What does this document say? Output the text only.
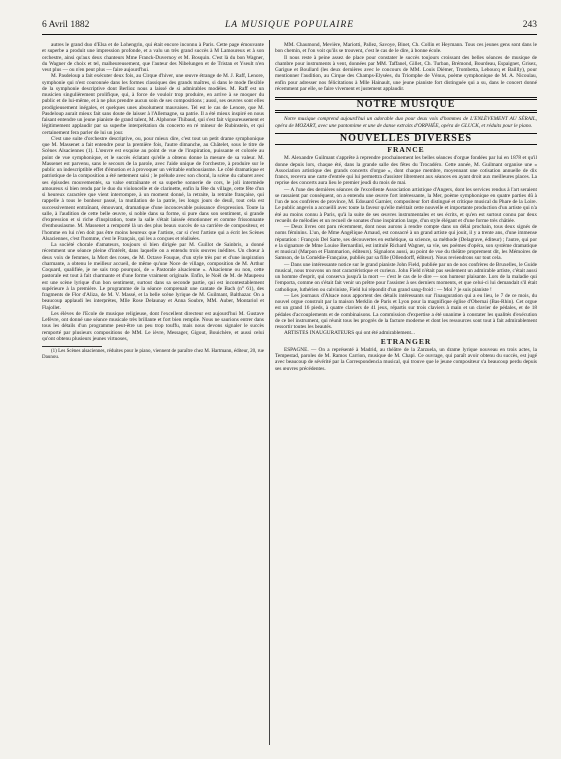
6 Avril 1882	LA MUSIQUE POPULAIRE	243

autres le grand duo d'Elsa et de Lohengrin, qui était encore inconnu à Paris. Cette page émouvante et superbe a produit une impression profonde, et a valu un très grand succès à M Lamoureux et à son orchestre, ainsi qu'aux deux chanteurs Mme Franck-Duvernoy et M. Bosquin. C'est là du bon Wagner, du Wagner de choix et tel, malheureusement, que l'auteur des Nibelungen et de Tristan et Yseult n'en veut plus — ou n'en peut plus — faire aujourd'hui.

M. Pasdeloup a fait exécuter deux fois, au Cirque d'hiver, une œuvre étrange de M. J. Raff, Lenore, symphonie qui n'est couronnée dans les formes classiques des grands maîtres, si dans le mode flexible de la symphonie descriptive dont Berlioz nous a laissé de si admirables modèles. M. Raff est un musicien singulièrement prolifique, qui, à force de vouloir trop produire, en arrive à se moquer du public et de lui-même, et à ne plus prendre aucun soin de ses compositions ; aussi, ses œuvres sont elles prodigieusement inégales, et quelques unes absolument mauvaises. Tel est le cas de Lenore, que M. Pasdeloup aurait mieux fait sans doute de laisser à l'Allemagne, sa patrie. Il a été mieux inspiré en nous faisant entendre un jeune pianiste de grand talent, M. Alphonse Thibaud, qui s'est fait vigoureusement et légitimement applaudir par sa superbe interprétation du concerto en ré mineur de Rubinstein, et qui certainement fera parler de lui un jour.

C'est une suite d'orchestre descriptive, ou, pour mieux dire, c'est tout un petit drame symphonique que M. Massenet a fait entendre pour la première fois, l'autre dimanche, au Châtelet, sous le titre de Scènes Alsaciennes (1). L'œuvre est exquise au point de vue de l'inspiration, puissante et colorée au point de vue symphonique, et le succès éclatant qu'elle a obtenu donne la mesure de sa valeur. M. Massenet est parvenu, sans le secours de la parole, avec l'aide unique de l'orchestre, à produire sur le public un indescriptible effet d'émotion et à provoquer un véritable enthousiasme. Le côté dramatique et patriotique de la composition a été nettement saisi ; le prélude avec son choral, la scène du cabaret avec ses épisodes mouvementés, sa valse entraînante et sa superbe sonnerie de cors, le joli intermède amoureux si bien rendu par le duo du violoncelle et de clarinette, enfin la fête du village, cette fête d'un si heureux caractère que vient interrompre, à un moment donné, la retraite, la retraite française, qui rappelle à tous le bonheur passé, la mutilation de la patrie, les longs jours de deuil, tout cela est successivement entraînant, émouvant, dramatique d'une inconcevable puissance d'expression. Toute la salle, à l'audition de cette belle œuvre, si noble dans sa forme, si pure dans son sentiment, si grande d'expression et si riche d'inspiration, toute la salle s'était laissée émotionner et comme frissonnante d'enthousiasme. M. Massenet a remporté là un des plus beaux succès de sa carrière de compositeur, et l'homme en lui n'en doit pas être moins heureux que l'artiste, car si c'est l'artiste qui a écrit les Scènes Alsaciennes, c'est l'homme, c'est le Français, qui les a conçues et réalisées.

La société chorale d'amateurs, toujours si bien dirigée par M. Guillot de Sainbris, a donné récemment une séance pleine d'intérêt, dans laquelle on a entendu trois œuvres inédites. Un chœur à deux voix de femmes, la Mort des roses, de M. Octave Fouque, d'un style très pur et d'une inspiration charmante, a obtenu le meilleur accueil, de même qu'une Noce de village, composition de M. Arthur Coquard, qualifiée, je ne sais trop pourquoi, de « Pastorale alsacienne ». Alsacienne ou non, cette pastorale est tout à fait charmante et d'une forme vraiment originale. Enfin, le Noël de M. de Maupeou est une scène lyrique d'un bon sentiment, surtout dans sa seconde partie, qui est incontestablement supérieure à la première. Le programme de la séance comprenait une cantate de Bach (n° 61), des fragments de Flor d'Aliza, de M. V. Massé, et la belle scène lyrique de M. Guilmant, Balthazar. On a beaucoup applaudi les interprètes, Mlle Rose Delaunay et Anna Soubre, MM. Auber, Montariol et Flajollet.

Les élèves de l'Ecole de musique religieuse, dont l'excellent directeur est aujourd'hui M. Gustave Lefèvre, ont donné une séance musicale très brillante et fort bien remplie. Nous ne saurions entrer dans tous les détails d'un programme peut-être un peu trop touffu, mais nous devons signaler le succès remporté par plusieurs compositions de MM. Le ièvre, Messager, Gigout, Bouichère, et aussi celui qu'ont obtenu plusieurs jeunes virtuoses,

(1) Les Scènes alsaciennes, réduites pour le piano, viennent de paraître chez M. Hartmann, éditeur, 20, rue Daunou.

MM. Chaumond, Mevière, Mariotti, Pallez, Savoye, Binet, Ch. Collin et Heymann. Tous ces jeunes gens sont dans le bon chemin, et l'on voit qu'ils se trouvent, c'est le cas de le dire, à bonne école.

Il nous reste à peine assez de place pour constater le succès toujours croissant des belles séances de musique de chambre pour instruments à vent, données par MM. Taffanel, Gillet, Ch. Turban, Brémond, Bourdeau, Espaignet, Grisez, Garigue et Boullard (les deux dernières avec le concours de MM. Louis Diémer, Trombetta, Leboucq et Baillly), pour mentionner l'audition, au Cirque des Champs-Elysées, du Triomphe de Vénus, poème symphonique de M. A. Nicoulau, enfin pour adresser nos félicitations à Mlle Hainault, une jeune pianiste fort distinguée qui a su, dans le concert donné récemment par elle, se faire vivement et justement applaudir.

NOTRE MUSIQUE

Notre musique comprend aujourd'hui un adorable duo pour deux voix d'hommes de L'ENLÈVEMENT AU SÉRAIL, opéra de MOZART, avec une pantomime et une de danse extraits d'ORPHÉE, opéra de GLUCK, et réduits pour le piano.

NOUVELLES DIVERSES
FRANCE

M. Alexandre Guilmant s'apprête à reprendre prochainement les belles séances d'orgue fondées par lui en 1878 et qu'il donne depuis lors, chaque été, dans la grande salle des fêtes du Trocadéro. Cette année, M. Guilmant organise une « Association artistique des grands concerts d'orgue », dont chaque membre, moyennant une cotisation annuelle de dix francs, recevra une carte d'entrée qui lui permettra d'assister librement aux séances en ayant droit aux meilleures places. La reprise des concerts aura lieu le premier jeudi du mois de mai.

— A l'une des dernières séances de l'excellente Association artistique d'Angers, dont les services rendus à l'art seraient se rassaient par conséquent, on a entendu une œuvre fort intéressante, la Mer, poème symphonique en quatre parties dû à l'un de nos confrères de province, M. Edouard Garnier, compositeur fort distingué et critique musical du Phare de la Loire. Le public angevin a accueilli avec toute la faveur qu'elle méritait cette nouvelle et importante production d'un artiste qui n'a été au moins connu à Paris, qu'à la suite de ses œuvres instrumentales et ses écrits, et qu'en est surtout connu par deux recueils de mélodies et un recueil de sonates d'une inspiration large, d'un style élégant et d'une forme très châtiée.

— Deux livres ont paru récemment, dont nous aurons à rendre compte dans un délai prochain, tous deux signés de noms féminins. L'un, de Mme Angélique Arnaud, est consacré à un grand artiste qui jouit, il y a trente ans, d'une immense réputation : François Del Sarte, ses découvertes en esthétique, sa science, sa méthode (Delagrave, éditeur) ; l'autre, qui por e la signature de Mme Louise Bernardini, est intitulé Richard Wagner, sa vie, ses poèmes d'opéra, son système dramatique et musical (Marpon et Flammarion, éditeurs). Signalons aussi, au point de vue du théâtre proprement dit, les Mémoires de Samson, de la Comédie-Française, publiés par sa fille (Ollendorff, éditeur). Nous reviendrons sur tout cela.

— Dans une intéressante notice sur le grand pianiste John Field, publiée par un de nos confrères de Bruxelles, le Guide musical, nous trouvons un mot caractéristique et curieux. John Field n'était pas seulement un admirable artiste, c'était aussi un homme d'esprit, qui conserva jusqu'à la mort — c'est le cas de le dire — son humeur plaisante. Lors de la maladie qui l'emporta, comme on s'était fait venir un prêtre pour l'assister à ses derniers moments, et que celui-ci lui demandait s'il était catholique, luthérien ou calviniste, Field lui répondit d'un grand sang-froid : — Moi ? je suis pianiste !

— Les journaux d'Alsace nous apportent des détails intéressants sur l'inauguration qui a eu lieu, le 7 de ce mois, du nouvel orgue construit par la maison Merklin de Paris et Lyon pour la magnifique église d'Obernai (Bas-Rhin). Cet orgue est un grand 16 pieds, à quatre claviers de 41 jeux, répartis sur trois claviers à main et un clavier de pédales, et de 18 pédales d'accouplements et de combinaisons. La commission d'expertise a été unanime à constater les qualités d'exécution de ce bel instrument, qui réunit tous les progrès de la facture moderne et dont les ressources sont tout à fait admirablement ressortir toutes les beautés.

ARTISTES INAUGURATEURS qui ont été admirablement...

ETRANGER

ESPAGNE. — On a représenté à Madrid, au théâtre de la Zarzuela, un drame lyrique nouveau en trois actes, la Tempestad, paroles de M. Ramos Carrion, musique de M. Chapi. Ce ouvrage, qui paraît avoir obtenu du succès, est jugé avec beaucoup de sévérité par la Correspondencia musical, qui trouve que le jeune compositeur s'a beaucoup perdu depuis ses œuvres précédentes.
